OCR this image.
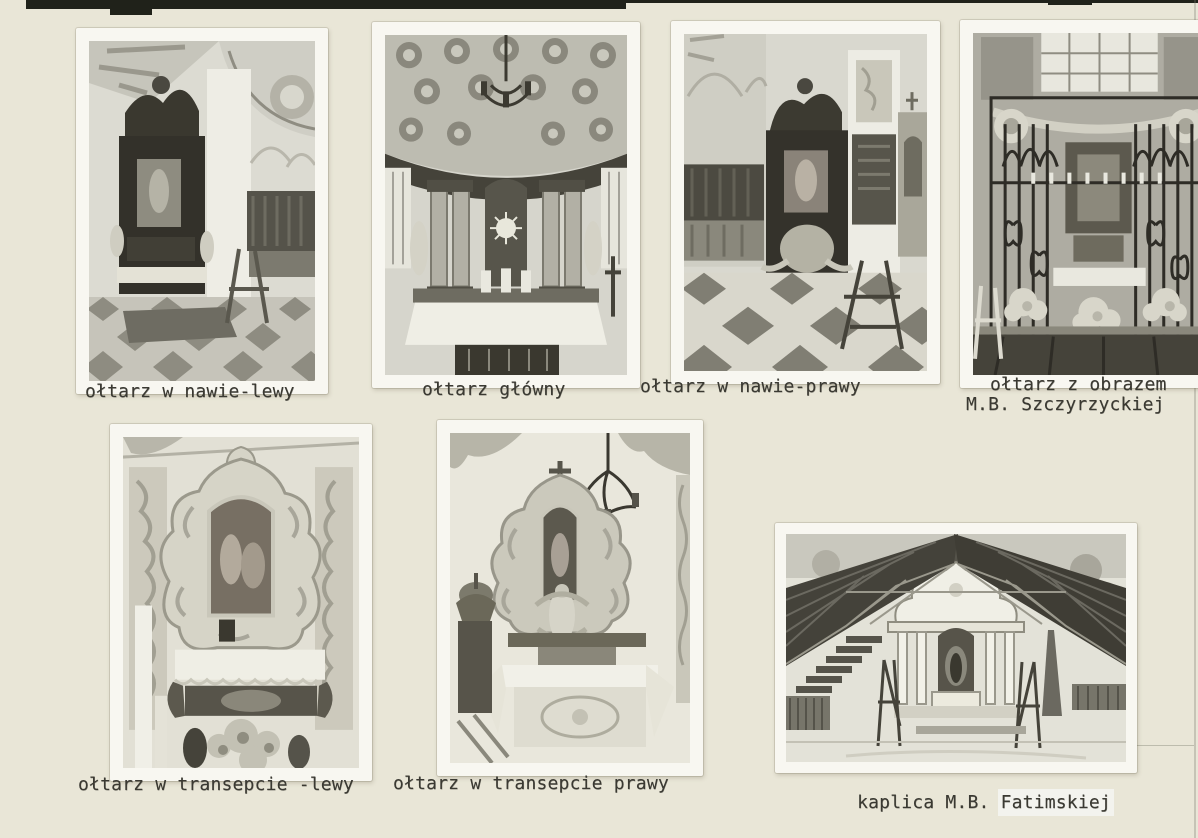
ołtarz w nawie-lewy	ołtarz główny	ołtarz w nawie-prawy	ołtarz z obrazem
M.B. Szczyrzyckiej
ołtarz w transepcie -lewy ołtarz w transepcie prawy

kaplica M.B. Fatimskiej
